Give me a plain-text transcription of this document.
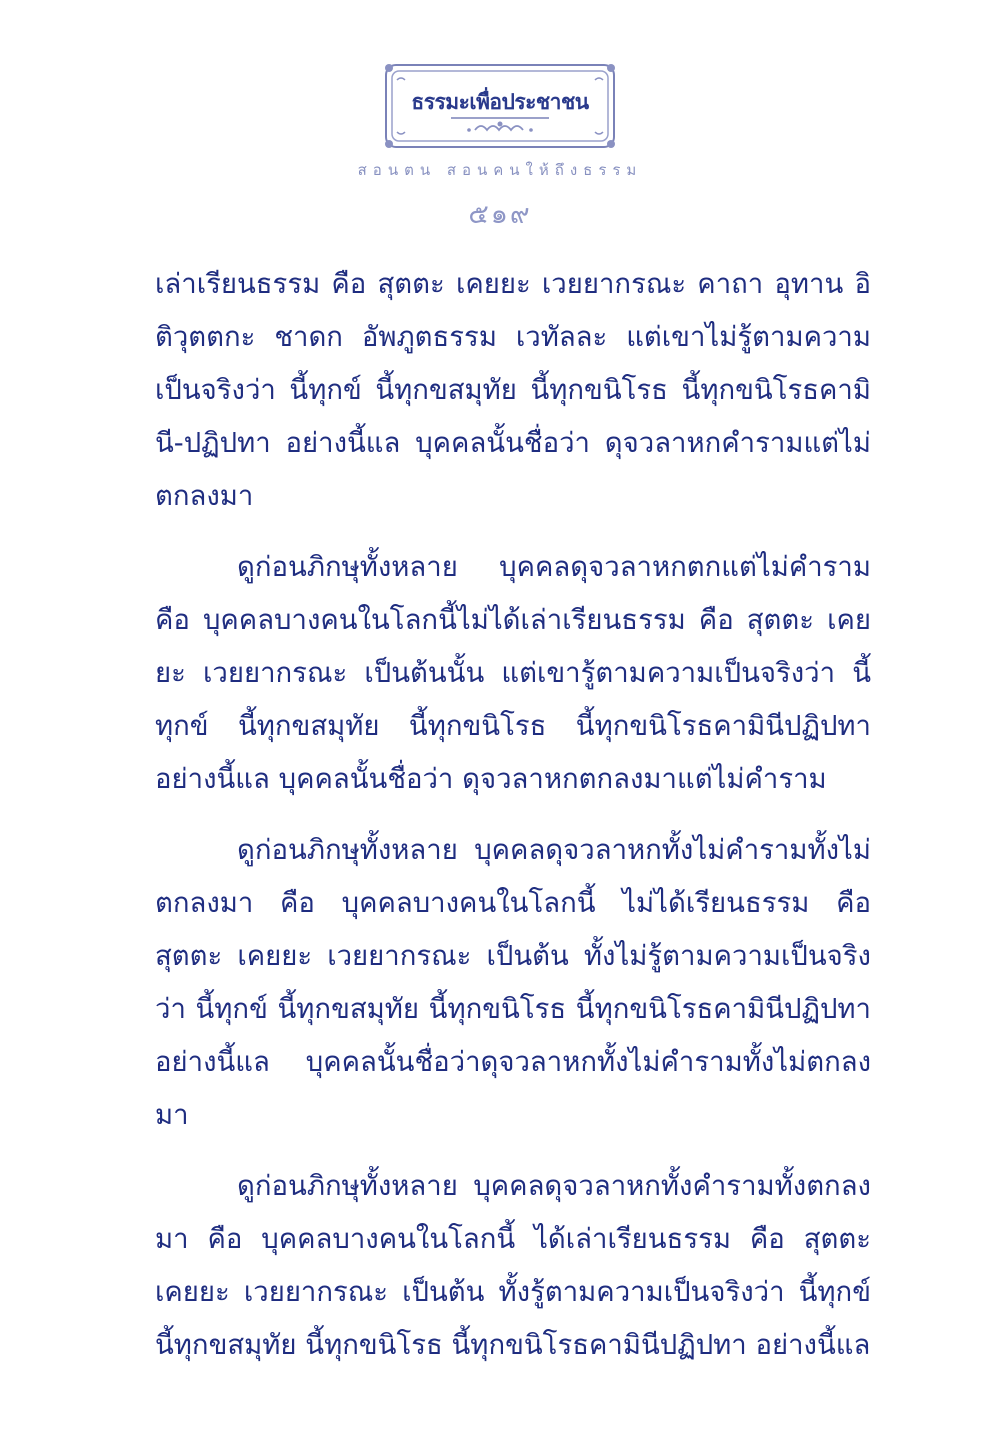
ธรรมะเพื่อประชาชน
สอนตน สอนคนให้ถึงธรรม
๕๑๙

เล่าเรียนธรรม คือ สุตตะ เคยยะ เวยยากรณะ คาถา อุทาน อิติวุตตกะ ชาดก อัพภูตธรรม เวทัลละ แต่เขาไม่รู้ตามความเป็นจริงว่า นี้ทุกข์ นี้ทุกขสมุทัย นี้ทุกขนิโรธ นี้ทุกขนิโรธคามินี-ปฏิปทา อย่างนี้แล บุคคลนั้นชื่อว่า ดุจวลาหกคำรามแต่ไม่ตกลงมา

ดูก่อนภิกษุทั้งหลาย บุคคลดุจวลาหกตกแต่ไม่คำราม คือ บุคคลบางคนในโลกนี้ไม่ได้เล่าเรียนธรรม คือ สุตตะ เคยยะ เวยยากรณะ เป็นต้นนั้น แต่เขารู้ตามความเป็นจริงว่า นี้ทุกข์ นี้ทุกขสมุทัย นี้ทุกขนิโรธ นี้ทุกขนิโรธคามินีปฏิปทา อย่างนี้แล บุคคลนั้นชื่อว่า ดุจวลาหกตกลงมาแต่ไม่คำราม

ดูก่อนภิกษุทั้งหลาย บุคคลดุจวลาหกทั้งไม่คำรามทั้งไม่ตกลงมา คือ บุคคลบางคนในโลกนี้ ไม่ได้เรียนธรรม คือ สุตตะ เคยยะ เวยยากรณะ เป็นต้น ทั้งไม่รู้ตามความเป็นจริงว่า นี้ทุกข์ นี้ทุกขสมุทัย นี้ทุกขนิโรธ นี้ทุกขนิโรธคามินีปฏิปทา อย่างนี้แล บุคคลนั้นชื่อว่าดุจวลาหกทั้งไม่คำรามทั้งไม่ตกลงมา

ดูก่อนภิกษุทั้งหลาย บุคคลดุจวลาหกทั้งคำรามทั้งตกลงมา คือ บุคคลบางคนในโลกนี้ ได้เล่าเรียนธรรม คือ สุตตะ เคยยะ เวยยากรณะ เป็นต้น ทั้งรู้ตามความเป็นจริงว่า นี้ทุกข์ นี้ทุกขสมุทัย นี้ทุกขนิโรธ นี้ทุกขนิโรธคามินีปฏิปทา อย่างนี้แล
